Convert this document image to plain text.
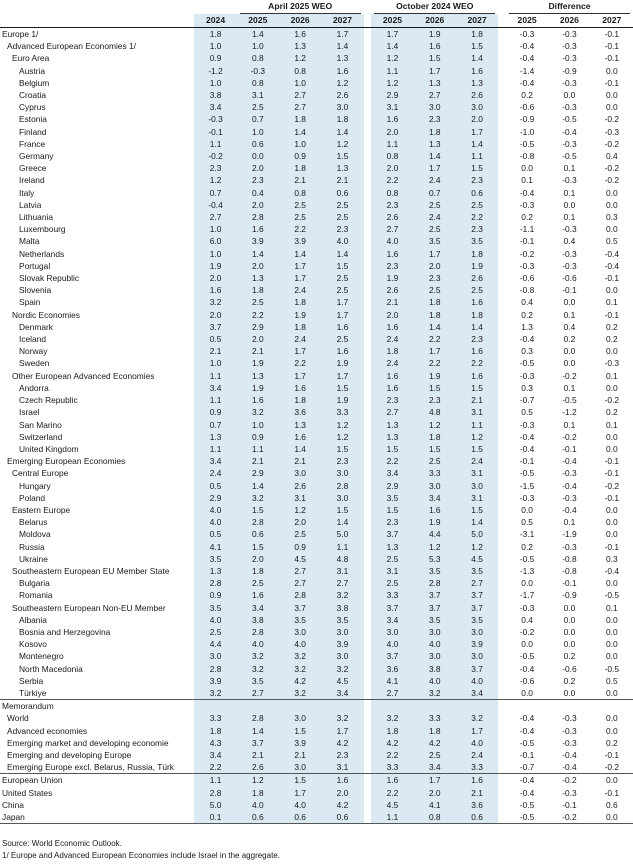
		April 2025 WEO				October 2024 WEO				Difference		

	2024	2025	2026	2027		2025	2026	2027		2025	2026	2027
Europe 1/	1.8	1.4	1.6	1.7		1.7	1.9	1.8		-0.3	-0.3	-0.1
Advanced European Economies 1/	1.0	1.0	1.3	1.4		1.4	1.6	1.5		-0.4	-0.3	-0.1
Euro Area	0.9	0.8	1.2	1.3		1.2	1.5	1.4		-0.4	-0.3	-0.1
Austria	-1.2	-0.3	0.8	1.6		1.1	1.7	1.6		-1.4	-0.9	0.0
Belgium	1.0	0.8	1.0	1.2		1.2	1.3	1.3		-0.4	-0.3	-0.1
Croatia	3.8	3.1	2.7	2.6		2.9	2.7	2.6		0.2	0.0	0.0
Cyprus	3.4	2.5	2.7	3.0		3.1	3.0	3.0		-0.6	-0.3	0.0
Estonia	-0.3	0.7	1.8	1.8		1.6	2.3	2.0		-0.9	-0.5	-0.2
Finland	-0.1	1.0	1.4	1.4		2.0	1.8	1.7		-1.0	-0.4	-0.3
France	1.1	0.6	1.0	1.2		1.1	1.3	1.4		-0.5	-0.3	-0.2
Germany	-0.2	0.0	0.9	1.5		0.8	1.4	1.1		-0.8	-0.5	0.4
Greece	2.3	2.0	1.8	1.3		2.0	1.7	1.5		0.0	0.1	-0.2
Ireland	1.2	2.3	2.1	2.1		2.2	2.4	2.3		0.1	-0.3	-0.2
Italy	0.7	0.4	0.8	0.6		0.8	0.7	0.6		-0.4	0.1	0.0
Latvia	-0.4	2.0	2.5	2.5		2.3	2.5	2.5		-0.3	0.0	0.0
Lithuania	2.7	2.8	2.5	2.5		2.6	2.4	2.2		0.2	0.1	0.3
Luxembourg	1.0	1.6	2.2	2.3		2.7	2.5	2.3		-1.1	-0.3	0.0
Malta	6.0	3.9	3.9	4.0		4.0	3.5	3.5		-0.1	0.4	0.5
Netherlands	1.0	1.4	1.4	1.4		1.6	1.7	1.8		-0.2	-0.3	-0.4
Portugal	1.9	2.0	1.7	1.5		2.3	2.0	1.9		-0.3	-0.3	-0.4
Slovak Republic	2.0	1.3	1.7	2.5		1.9	2.3	2.6		-0.6	-0.6	-0.1
Slovenia	1.6	1.8	2.4	2.5		2.6	2.5	2.5		-0.8	-0.1	0.0
Spain	3.2	2.5	1.8	1.7		2.1	1.8	1.6		0.4	0.0	0.1
Nordic Economies	2.0	2.2	1.9	1.7		2.0	1.8	1.8		0.2	0.1	-0.1
Denmark	3.7	2.9	1.8	1.6		1.6	1.4	1.4		1.3	0.4	0.2
Iceland	0.5	2.0	2.4	2.5		2.4	2.2	2.3		-0.4	0.2	0.2
Norway	2.1	2.1	1.7	1.6		1.8	1.7	1.6		0.3	0.0	0.0
Sweden	1.0	1.9	2.2	1.9		2.4	2.2	2.2		-0.5	0.0	-0.3
Other European Advanced Economies	1.1	1.3	1.7	1.7		1.6	1.9	1.6		-0.3	-0.2	0.1
Andorra	3.4	1.9	1.6	1.5		1.6	1.5	1.5		0.3	0.1	0.0
Czech Republic	1.1	1.6	1.8	1.9		2.3	2.3	2.1		-0.7	-0.5	-0.2
Israel	0.9	3.2	3.6	3.3		2.7	4.8	3.1		0.5	-1.2	0.2
San Marino	0.7	1.0	1.3	1.2		1.3	1.2	1.1		-0.3	0.1	0.1
Switzerland	1.3	0.9	1.6	1.2		1.3	1.8	1.2		-0.4	-0.2	0.0
United Kingdom	1.1	1.1	1.4	1.5		1.5	1.5	1.5		-0.4	-0.1	0.0
Emerging European Economies	3.4	2.1	2.1	2.3		2.2	2.5	2.4		-0.1	-0.4	-0.1
Central Europe	2.4	2.9	3.0	3.0		3.4	3.3	3.1		-0.5	-0.3	-0.1
Hungary	0.5	1.4	2.6	2.8		2.9	3.0	3.0		-1.5	-0.4	-0.2
Poland	2.9	3.2	3.1	3.0		3.5	3.4	3.1		-0.3	-0.3	-0.1
Eastern Europe	4.0	1.5	1.2	1.5		1.5	1.6	1.5		0.0	-0.4	0.0
Belarus	4.0	2.8	2.0	1.4		2.3	1.9	1.4		0.5	0.1	0.0
Moldova	0.5	0.6	2.5	5.0		3.7	4.4	5.0		-3.1	-1.9	0.0
Russia	4.1	1.5	0.9	1.1		1.3	1.2	1.2		0.2	-0.3	-0.1
Ukraine	3.5	2.0	4.5	4.8		2.5	5.3	4.5		-0.5	-0.8	0.3
Southeastern European EU Member State	1.3	1.8	2.7	3.1		3.1	3.5	3.5		-1.3	-0.8	-0.4
Bulgaria	2.8	2.5	2.7	2.7		2.5	2.8	2.7		0.0	-0.1	0.0
Romania	0.9	1.6	2.8	3.2		3.3	3.7	3.7		-1.7	-0.9	-0.5
Southeastern European Non-EU Member	3.5	3.4	3.7	3.8		3.7	3.7	3.7		-0.3	0.0	0.1
Albania	4.0	3.8	3.5	3.5		3.4	3.5	3.5		0.4	0.0	0.0
Bosnia and Herzegovina	2.5	2.8	3.0	3.0		3.0	3.0	3.0		-0.2	0.0	0.0
Kosovo	4.4	4.0	4.0	3.9		4.0	4.0	3.9		0.0	0.0	0.0
Montenegro	3.0	3.2	3.2	3.0		3.7	3.0	3.0		-0.5	0.2	0.0
North Macedonia	2.8	3.2	3.2	3.2		3.6	3.8	3.7		-0.4	-0.6	-0.5
Serbia	3.9	3.5	4.2	4.5		4.1	4.0	4.0		-0.6	0.2	0.5
Türkiye	3.2	2.7	3.2	3.4		2.7	3.2	3.4		0.0	0.0	0.0
Memorandum												
World	3.3	2.8	3.0	3.2		3.2	3.3	3.2		-0.4	-0.3	0.0
Advanced economies	1.8	1.4	1.5	1.7		1.8	1.8	1.7		-0.4	-0.3	0.0
Emerging market and developing economie	4.3	3.7	3.9	4.2		4.2	4.2	4.0		-0.5	-0.3	0.2
Emerging and developing Europe	3.4	2.1	2.1	2.3		2.2	2.5	2.4		-0.1	-0.4	-0.1
Emerging Europe excl. Belarus, Russia, Türk	2.2	2.6	3.0	3.1		3.3	3.4	3.3		-0.7	-0.4	-0.2
European Union	1.1	1.2	1.5	1.6		1.6	1.7	1.6		-0.4	-0.2	0.0
United States	2.8	1.8	1.7	2.0		2.2	2.0	2.1		-0.4	-0.3	-0.1
China	5.0	4.0	4.0	4.2		4.5	4.1	3.6		-0.5	-0.1	0.6
Japan	0.1	0.6	0.6	0.6		1.1	0.8	0.6		-0.5	-0.2	0.0
Source: World Economic Outlook.
1/ Europe and Advanced European Economies include Israel in the aggregate.
